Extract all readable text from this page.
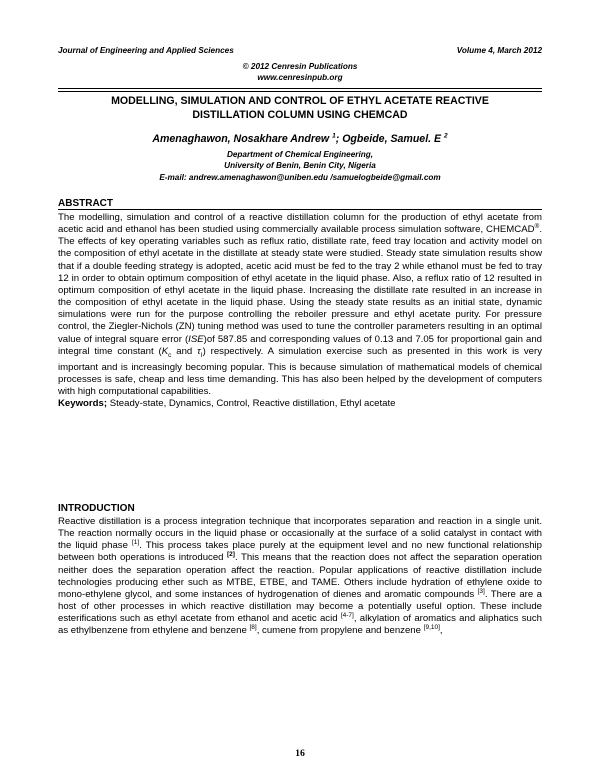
Journal of Engineering and Applied Sciences	Volume 4, March 2012
© 2012 Cenresin Publications
www.cenresinpub.org
MODELLING, SIMULATION AND CONTROL OF ETHYL ACETATE REACTIVE
DISTILLATION COLUMN USING CHEMCAD
Amenaghawon, Nosakhare Andrew $^1$; Ogbeide, Samuel. E $^2$
Department of Chemical Engineering,
University of Benin, Benin City, Nigeria
E-mail: andrew.amenaghawon@uniben.edu /samuelogbeide@gmail.com
ABSTRACT
The modelling, simulation and control of a reactive distillation column for the production of ethyl acetate from acetic acid and ethanol has been studied using commercially available process simulation software, CHEMCAD®. The effects of key operating variables such as reflux ratio, distillate rate, feed tray location and activity model on the composition of ethyl acetate in the distillate at steady state were studied. Steady state simulation results show that if a double feeding strategy is adopted, acetic acid must be fed to the tray 2 while ethanol must be fed to tray 12 in order to obtain optimum composition of ethyl acetate in the liquid phase. Also, a reflux ratio of 12 resulted in optimum composition of ethyl acetate in the liquid phase. Increasing the distillate rate resulted in an increase in the composition of ethyl acetate in the liquid phase. Using the steady state results as an initial state, dynamic simulations were run for the purpose controlling the reboiler pressure and ethyl acetate purity. For pressure control, the Ziegler-Nichols (ZN) tuning method was used to tune the controller parameters resulting in an optimal value of integral square error (ISE)of 587.85 and corresponding values of 0.13 and 7.05 for proportional gain and integral time constant ($K_c$ and $\tau_I$) respectively. A simulation exercise such as presented in this work is very important and is increasingly becoming popular. This is because simulation of mathematical models of chemical processes is safe, cheap and less time demanding. This has also been helped by the development of computers with high computational capabilities.
Keywords; Steady-state, Dynamics, Control, Reactive distillation, Ethyl acetate
INTRODUCTION
Reactive distillation is a process integration technique that incorporates separation and reaction in a single unit. The reaction normally occurs in the liquid phase or occasionally at the surface of a solid catalyst in contact with the liquid phase [1]. This process takes place purely at the equipment level and no new functional relationship between both operations is introduced [2]. This means that the reaction does not affect the separation operation neither does the separation operation affect the reaction. Popular applications of reactive distillation include technologies producing ether such as MTBE, ETBE, and TAME. Others include hydration of ethylene oxide to mono-ethylene glycol, and some instances of hydrogenation of dienes and aromatic compounds [3]. There are a host of other processes in which reactive distillation may become a potentially useful option. These include esterifications such as ethyl acetate from ethanol and acetic acid [4-7], alkylation of aromatics and aliphatics such as ethylbenzene from ethylene and benzene [8], cumene from propylene and benzene [9,10],
16
